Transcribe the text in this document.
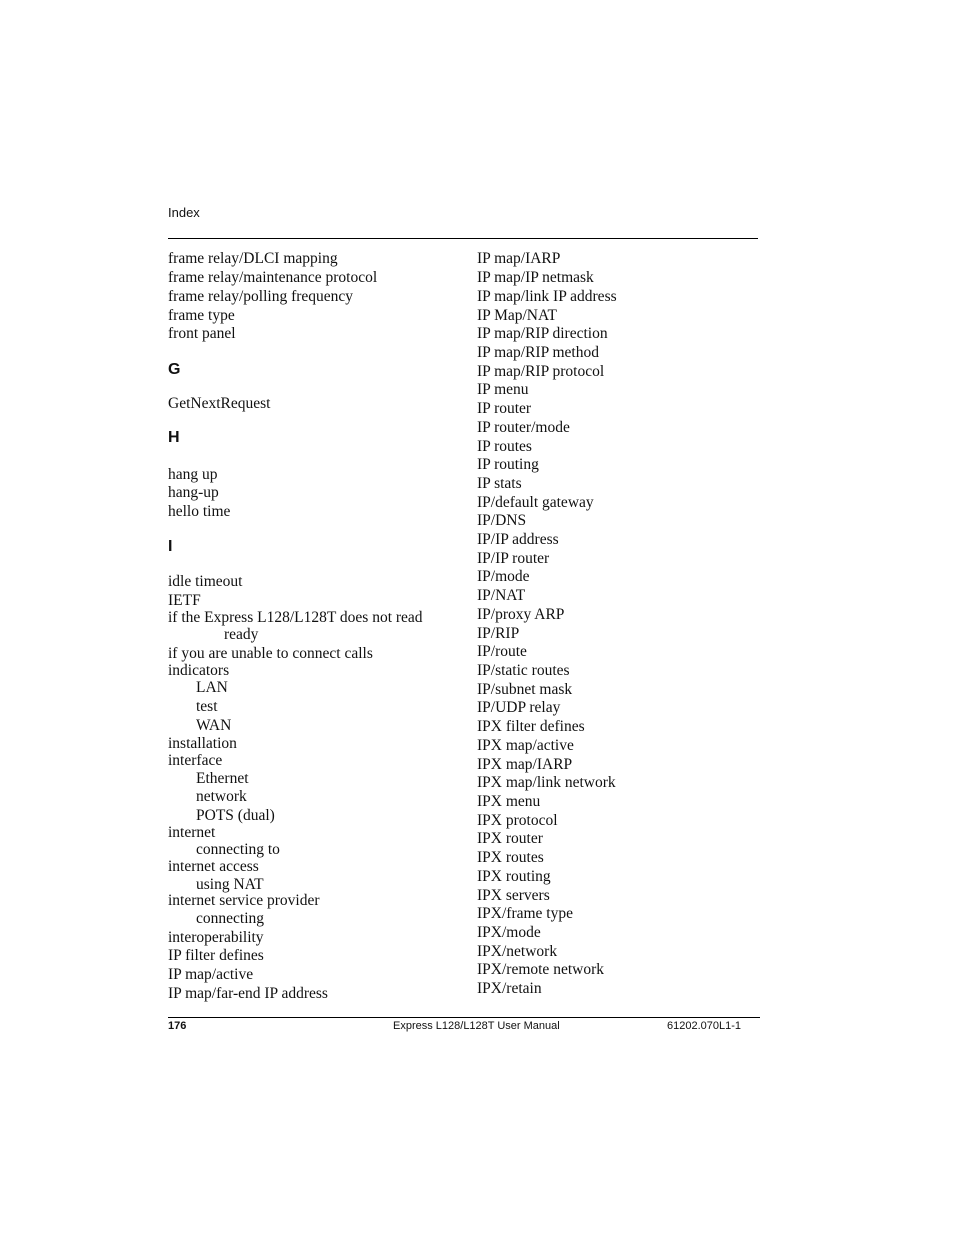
Index
frame relay/DLCI mapping
frame relay/maintenance protocol
frame relay/polling frequency
frame type
front panel
G
GetNextRequest
H
hang up
hang-up
hello time
I
idle timeout
IETF
if the Express L128/L128T does not read
ready
if you are unable to connect calls
indicators
LAN
test
WAN
installation
interface
Ethernet
network
POTS (dual)
internet
connecting to
internet access
using NAT
internet service provider
connecting
interoperability
IP filter defines
IP map/active
IP map/far-end IP address
IP map/IARP
IP map/IP netmask
IP map/link IP address
IP Map/NAT
IP map/RIP direction
IP map/RIP method
IP map/RIP protocol
IP menu
IP router
IP router/mode
IP routes
IP routing
IP stats
IP/default gateway
IP/DNS
IP/IP address
IP/IP router
IP/mode
IP/NAT
IP/proxy ARP
IP/RIP
IP/route
IP/static routes
IP/subnet mask
IP/UDP relay
IPX filter defines
IPX map/active
IPX map/IARP
IPX map/link network
IPX menu
IPX protocol
IPX router
IPX routes
IPX routing
IPX servers
IPX/frame type
IPX/mode
IPX/network
IPX/remote network
IPX/retain
176	Express L128/L128T User Manual	61202.070L1-1
